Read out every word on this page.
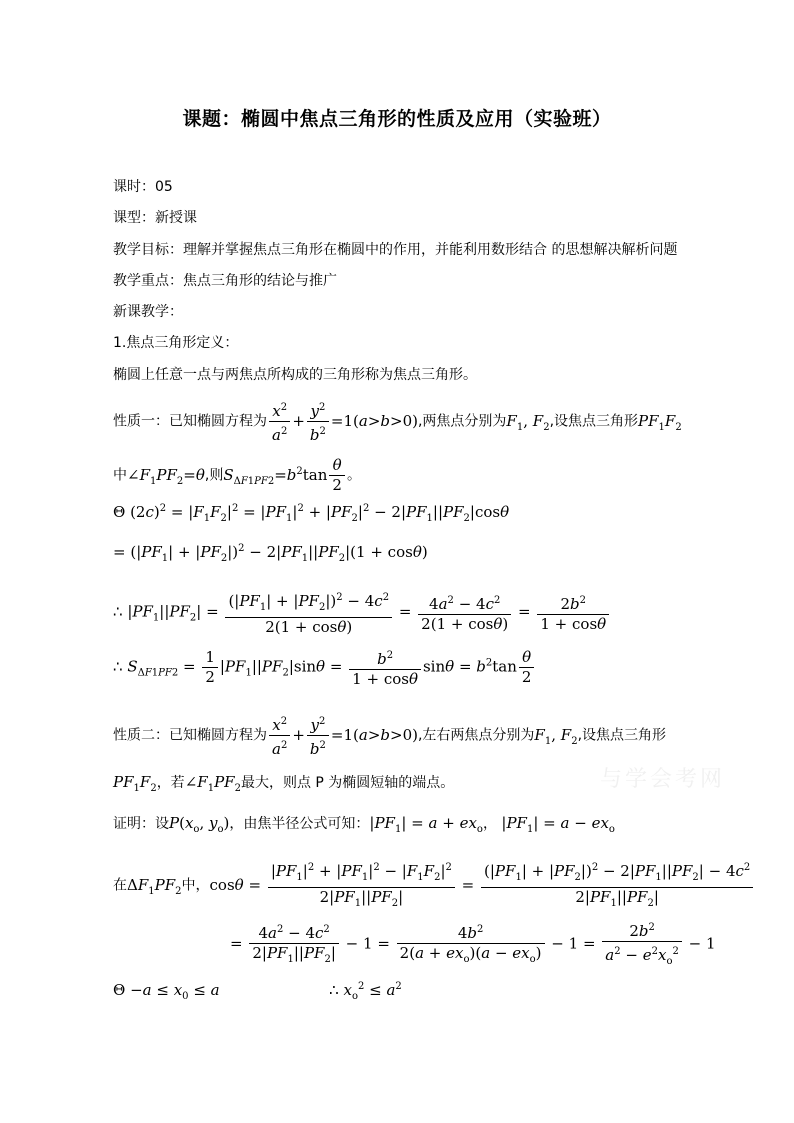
课题：椭圆中焦点三角形的性质及应用（实验班）
课时：05
课型：新授课
教学目标：理解并掌握焦点三角形在椭圆中的作用，并能利用数形结合 的思想解决解析问题
教学重点：焦点三角形的结论与推广
新课教学：
1.焦点三角形定义：
椭圆上任意一点与两焦点所构成的三角形称为焦点三角形。
性质一：已知椭圆方程为 $\frac{x^2}{a^2} + \frac{y^2}{b^2} =1(a>b>0)$,两焦点分别为$F_1$, $F_2$,设焦点三角形$PF_1F_2$
中$\angle F_1PF_2=\theta$,则$S_{\Delta F1PF2}=b^2\tan \frac{\theta}{2}$ 。
Θ $(2c)^2 = |F_1F_2|^2 = |PF_1|^2 + |PF_2|^2 - 2|PF_1||PF_2|\cos\theta$
= $(|PF_1| + |PF_2|)^2 - 2|PF_1||PF_2|(1 + \cos\theta)$
∴ $|PF_1||PF_2| = \frac{(|PF_1| + |PF_2|)^2 - 4c^2}{2(1 + \cos\theta)} = \frac{4a^2 - 4c^2}{2(1 + \cos\theta)} = \frac{2b^2}{1 + \cos\theta}$
∴ $S_{\Delta F1PF2} = \frac{1}{2} |PF_1||PF_2|\sin\theta = \frac{b^2}{1 + \cos\theta}$ $\sin\theta = b^2\tan \frac{\theta}{2}$
性质二：已知椭圆方程为 $\frac{x^2}{a^2} + \frac{y^2}{b^2} =1(a>b>0)$,左右两焦点分别为$F_1$, $F_2$,设焦点三角形
$PF_1F_2$，若$\angle F_1PF_2$最大，则点 P 为椭圆短轴的端点。
证明：设$P(x_o$, $y_o$)，由焦半径公式可知：$|PF_1| = a + ex_o$， $|PF_1| = a - ex_o$
在$\Delta F_1PF_2$中，$\cos\theta = \frac{|PF_1|^2 + |PF_1|^2 - |F_1F_2|^2}{2|PF_1||PF_2|} = \frac{(|PF_1| + |PF_2|)^2 - 2|PF_1||PF_2| - 4c^2}{2|PF_1||PF_2|}$
= $\frac{4a^2 - 4c^2}{2|PF_1||PF_2|} - 1 = \frac{4b^2}{2(a + ex_o)(a - ex_o)} - 1 = \frac{2b^2}{a^2 - e^2x_o^2} - 1$
$\Theta -a \le x_0 \le a$	∴ $x_o^2 \le a^2$
与学会考网
